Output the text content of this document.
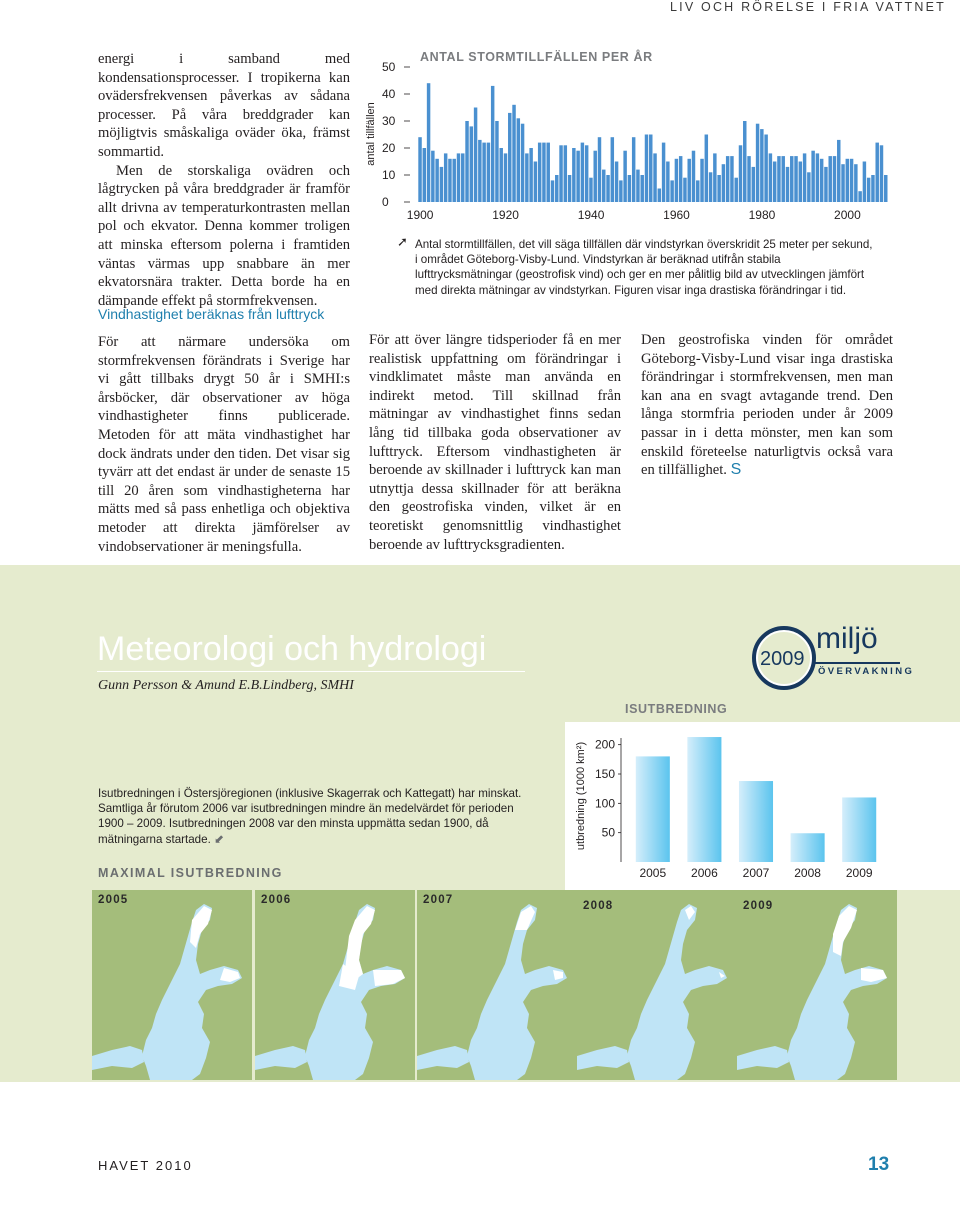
LIV OCH RÖRELSE I FRIA VATTNET

energi i samband med kondensationsprocesser. I tropikerna kan ovädersfrekvensen påverkas av sådana processer. På våra breddgrader kan möjligtvis småskaliga oväder öka, främst sommartid.

Men de storskaliga ovädren och lågtrycken på våra breddgrader är framför allt drivna av temperaturkontrasten mellan pol och ekvator. Denna kommer troligen att minska eftersom polerna i framtiden väntas värmas upp snabbare än mer ekvatorsnära trakter. Detta borde ha en dämpande effekt på stormfrekvensen.

Vindhastighet beräknas från lufttryck

För att närmare undersöka om stormfrekvensen förändrats i Sverige har vi gått tillbaks drygt 50 år i SMHI:s årsböcker, där observationer av höga vindhastigheter finns publicerade. Metoden för att mäta vindhastighet har dock ändrats under den tiden. Det visar sig tyvärr att det endast är under de senaste 15 till 20 åren som vindhastigheterna har mätts med så pass enhetliga och objektiva metoder att direkta jämförelser av vindobservationer är meningsfulla.

0
10
20
30
40
50
antal tillfällen
1900	1920	1940	1960	1980	2000
ANTAL STORMTILLFÄLLEN PER ÅR
➚ Antal stormtillfällen, det vill säga tillfällen där vindstyrkan överskridit 25 meter per sekund, i området Göteborg-Visby-Lund. Vindstyrkan är beräknad utifrån stabila lufttrycksmätningar (geostrofisk vind) och ger en mer pålitlig bild av utvecklingen jämfört med direkta mätningar av vindstyrkan. Figuren visar inga drastiska förändringar i tid.

För att över längre tidsperioder få en mer realistisk uppfattning om förändringar i vindklimatet måste man använda en indirekt metod. Till skillnad från mätningar av vindhastighet finns sedan lång tid tillbaka goda observationer av lufttryck. Eftersom vindhastigheten är beroende av skillnader i lufttryck kan man utnyttja dessa skillnader för att beräkna den geostrofiska vinden, vilket är en teoretiskt genomsnittlig vindhastighet beroende av lufttrycksgradienten.

Den geostrofiska vinden för området Göteborg-Visby-Lund visar inga drastiska förändringar i stormfrekvensen, men man kan ana en svagt avtagande trend. Den långa stormfria perioden under år 2009 passar in i detta mönster, men kan som enskild företeelse naturligtvis också vara en tillfällighet. S

Meteorologi och hydrologi
Gunn Persson & Amund E.B.Lindberg, SMHI
2009
miljö
ÖVERVAKNING
ISUTBREDNING
50
100
150
200
utbredning (1000 km²)
2005 2006 2007 2008 2009
Isutbredningen i Östersjöregionen (inklusive Skagerrak och Kattegatt) har minskat. Samtliga år förutom 2006 var isutbredningen mindre än medelvärdet för perioden 1900 – 2009. Isutbredningen 2008 var den minsta uppmätta sedan 1900, då mätningarna startade. ⬋
MAXIMAL ISUTBREDNING
2005	2006	2007	2008	2009
HAVET 2010	13
